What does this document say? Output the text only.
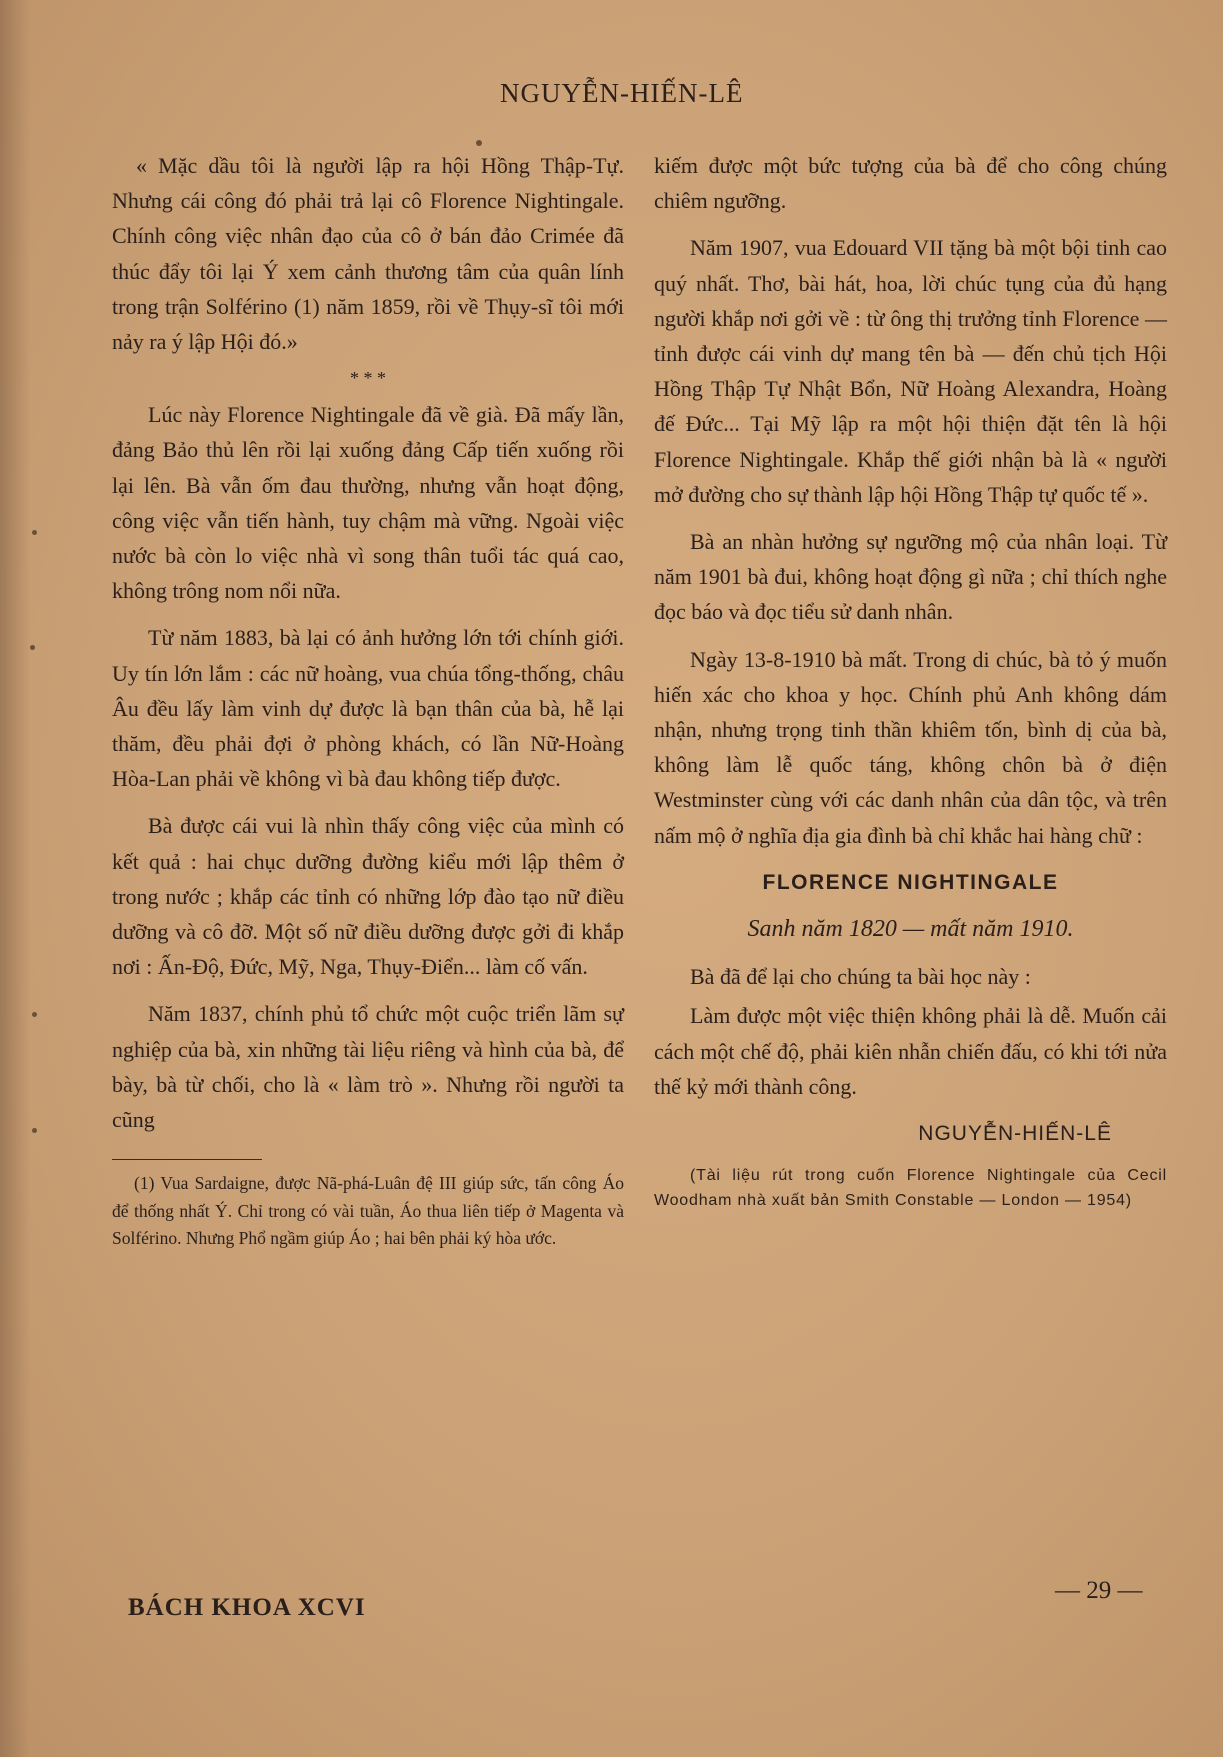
NGUYỄN-HIẾN-LÊ

« Mặc dầu tôi là người lập ra hội Hồng Thập-Tự. Nhưng cái công đó phải trả lại cô Florence Nightingale. Chính công việc nhân đạo của cô ở bán đảo Crimée đã thúc đẩy tôi lại Ý xem cảnh thương tâm của quân lính trong trận Solférino (1) năm 1859, rồi về Thụy-sĩ tôi mới nảy ra ý lập Hội đó.»

* * *

Lúc này Florence Nightingale đã về già. Đã mấy lần, đảng Bảo thủ lên rồi lại xuống đảng Cấp tiến xuống rồi lại lên. Bà vẫn ốm đau thường, nhưng vẫn hoạt động, công việc vẫn tiến hành, tuy chậm mà vững. Ngoài việc nước bà còn lo việc nhà vì song thân tuổi tác quá cao, không trông nom nổi nữa.

Từ năm 1883, bà lại có ảnh hưởng lớn tới chính giới. Uy tín lớn lắm : các nữ hoàng, vua chúa tổng-thống, châu Âu đều lấy làm vinh dự được là bạn thân của bà, hễ lại thăm, đều phải đợi ở phòng khách, có lần Nữ-Hoàng Hòa-Lan phải về không vì bà đau không tiếp được.

Bà được cái vui là nhìn thấy công việc của mình có kết quả : hai chục dưỡng đường kiểu mới lập thêm ở trong nước ; khắp các tỉnh có những lớp đào tạo nữ điều dưỡng và cô đỡ. Một số nữ điều dưỡng được gởi đi khắp nơi : Ấn-Độ, Đức, Mỹ, Nga, Thụy-Điển... làm cố vấn.

Năm 1837, chính phủ tổ chức một cuộc triển lãm sự nghiệp của bà, xin những tài liệu riêng và hình của bà, để bày, bà từ chối, cho là « làm trò ». Nhưng rồi người ta cũng

(1) Vua Sardaigne, được Nã-phá-Luân đệ III giúp sức, tấn công Áo để thống nhất Ý. Chỉ trong có vài tuần, Áo thua liên tiếp ở Magenta và Solférino. Nhưng Phổ ngầm giúp Áo ; hai bên phải ký hòa ước.

kiếm được một bức tượng của bà để cho công chúng chiêm ngưỡng.

Năm 1907, vua Edouard VII tặng bà một bội tinh cao quý nhất. Thơ, bài hát, hoa, lời chúc tụng của đủ hạng người khắp nơi gởi về : từ ông thị trưởng tỉnh Florence — tỉnh được cái vinh dự mang tên bà — đến chủ tịch Hội Hồng Thập Tự Nhật Bổn, Nữ Hoàng Alexandra, Hoàng đế Đức... Tại Mỹ lập ra một hội thiện đặt tên là hội Florence Nightingale. Khắp thế giới nhận bà là « người mở đường cho sự thành lập hội Hồng Thập tự quốc tế ».

Bà an nhàn hưởng sự ngưỡng mộ của nhân loại. Từ năm 1901 bà đui, không hoạt động gì nữa ; chỉ thích nghe đọc báo và đọc tiểu sử danh nhân.

Ngày 13-8-1910 bà mất. Trong di chúc, bà tỏ ý muốn hiến xác cho khoa y học. Chính phủ Anh không dám nhận, nhưng trọng tinh thần khiêm tốn, bình dị của bà, không làm lễ quốc táng, không chôn bà ở điện Westminster cùng với các danh nhân của dân tộc, và trên nấm mộ ở nghĩa địa gia đình bà chỉ khắc hai hàng chữ :

FLORENCE NIGHTINGALE

Sanh năm 1820 — mất năm 1910.

Bà đã để lại cho chúng ta bài học này :

Làm được một việc thiện không phải là dễ. Muốn cải cách một chế độ, phải kiên nhẫn chiến đấu, có khi tới nửa thế kỷ mới thành công.

NGUYỄN-HIẾN-LÊ

(Tài liệu rút trong cuốn Florence Nightingale của Cecil Woodham nhà xuất bản Smith Constable — London — 1954)

BÁCH KHOA XCVI
— 29 —
